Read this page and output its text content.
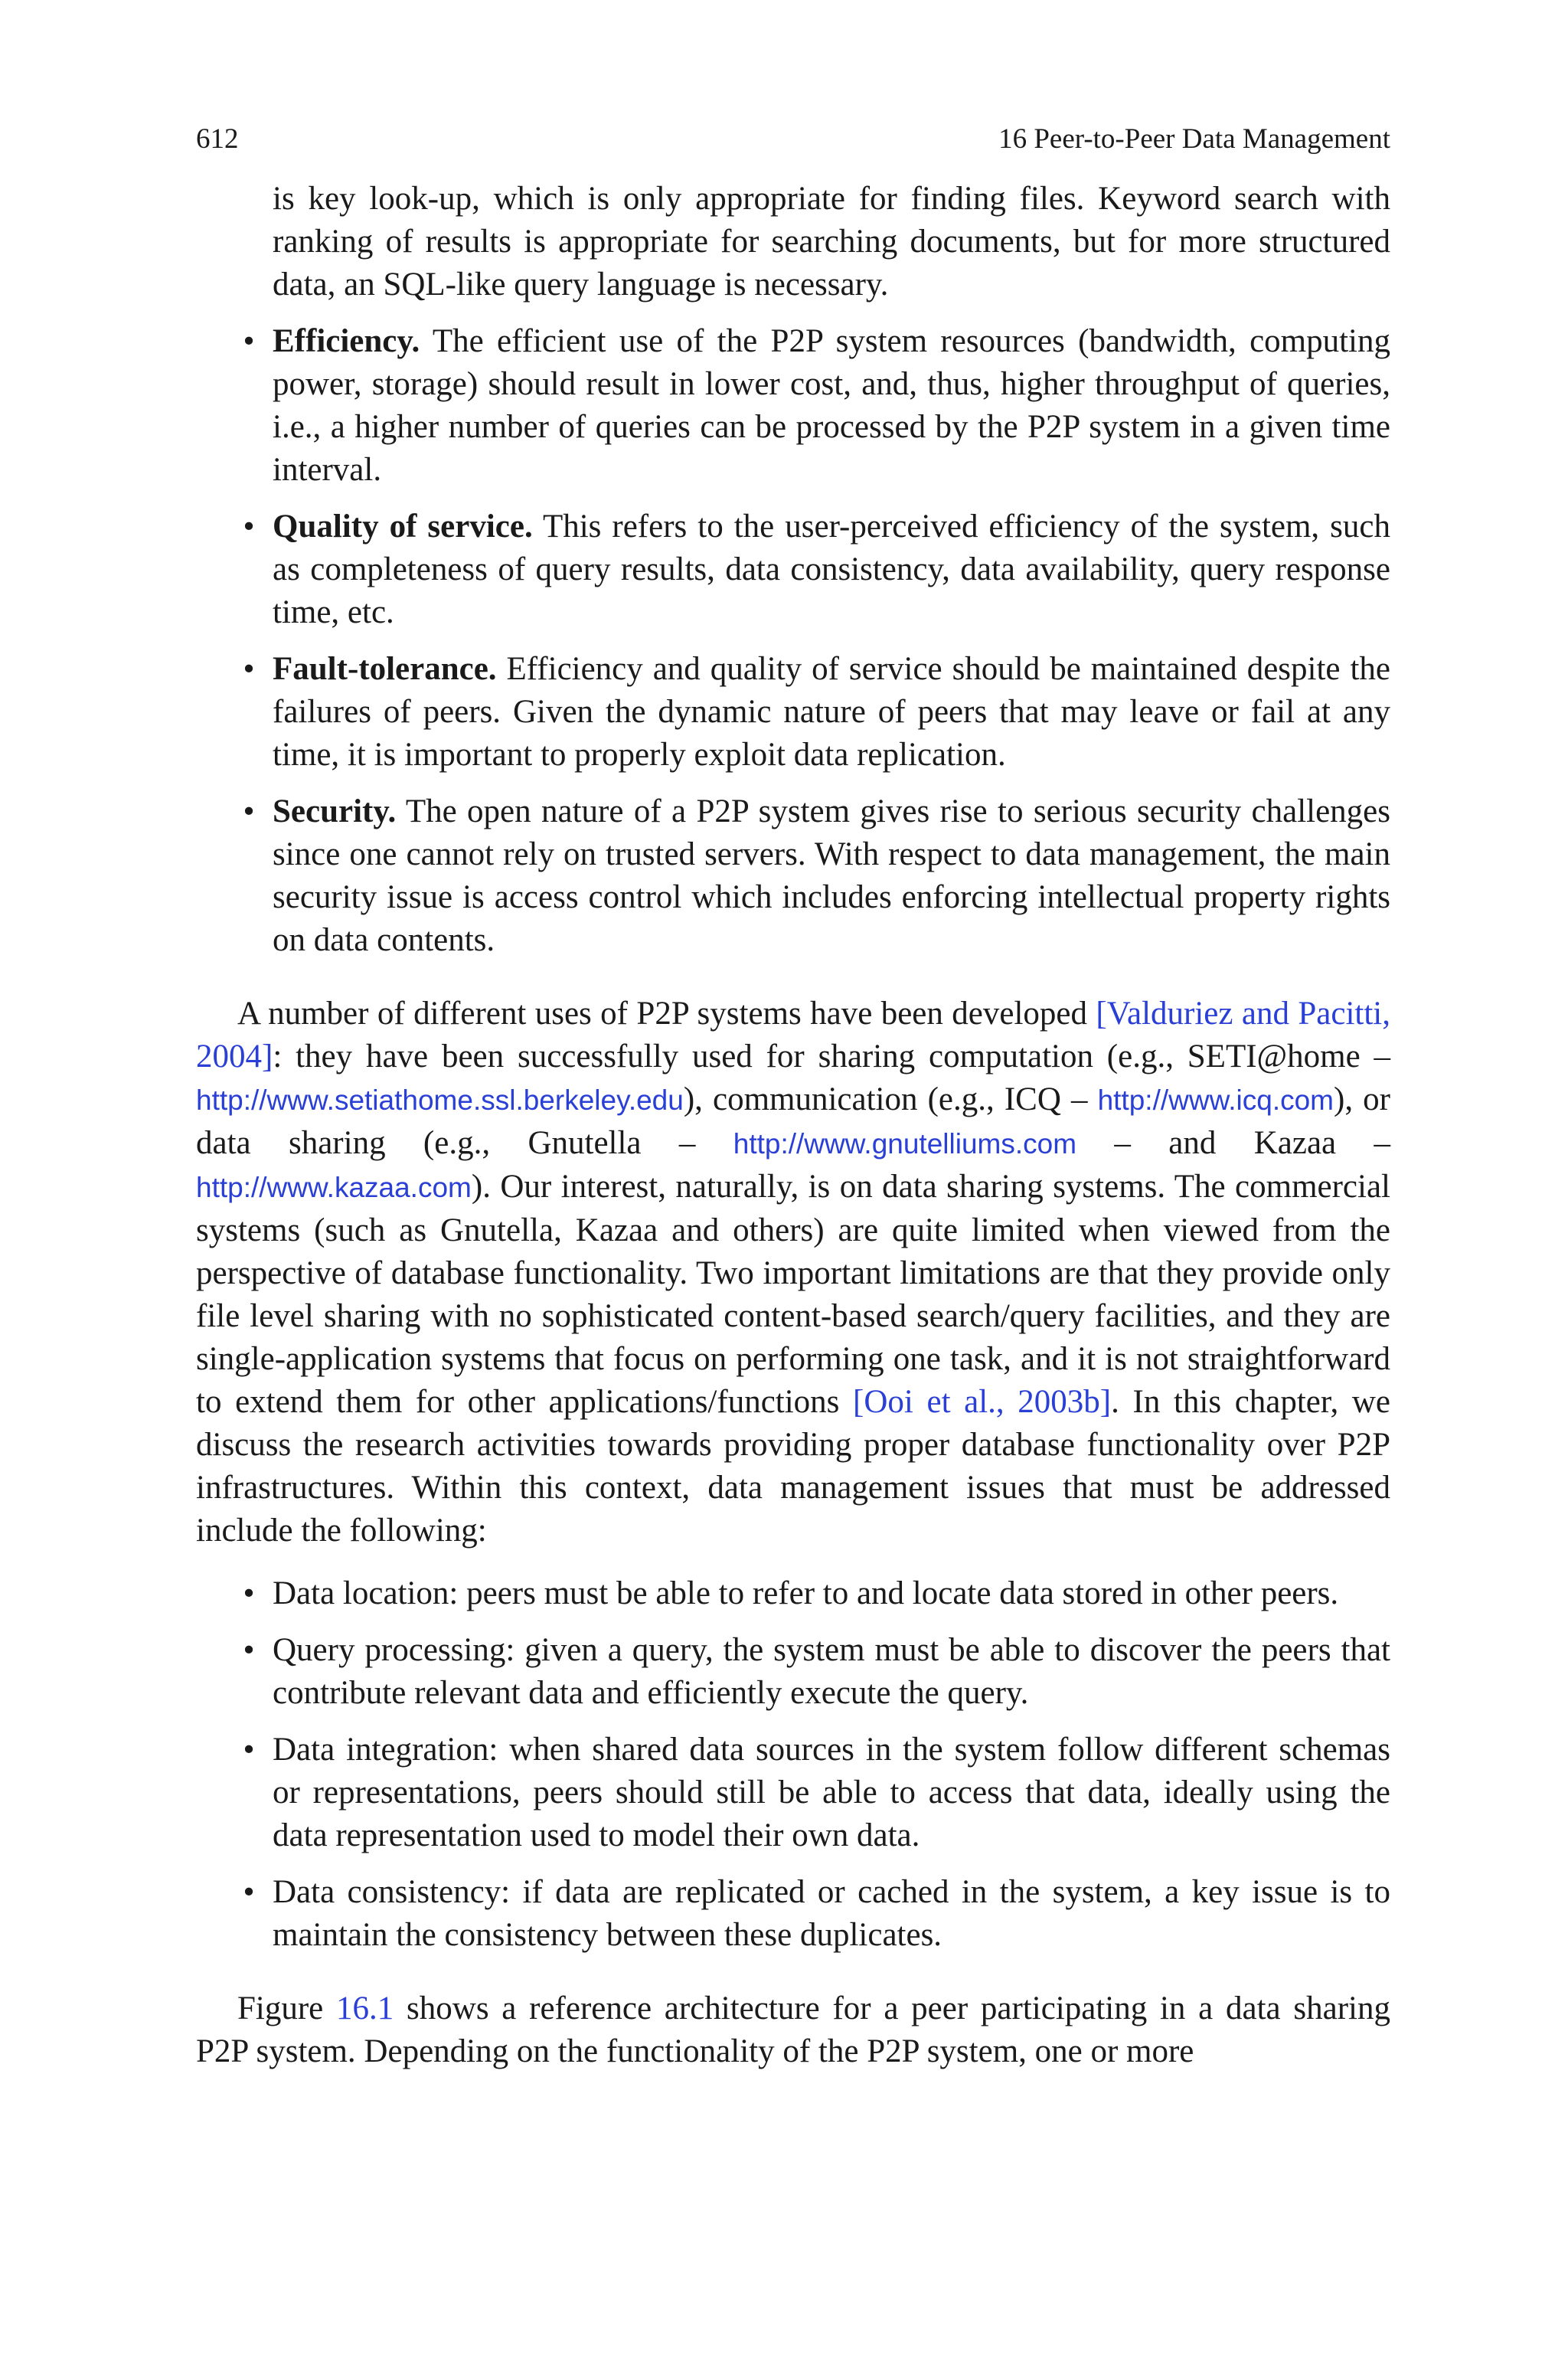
612	16 Peer-to-Peer Data Management

is key look-up, which is only appropriate for finding files. Keyword search with ranking of results is appropriate for searching documents, but for more structured data, an SQL-like query language is necessary.

• Efficiency. The efficient use of the P2P system resources (bandwidth, computing power, storage) should result in lower cost, and, thus, higher throughput of queries, i.e., a higher number of queries can be processed by the P2P system in a given time interval.
• Quality of service. This refers to the user-perceived efficiency of the system, such as completeness of query results, data consistency, data availability, query response time, etc.
• Fault-tolerance. Efficiency and quality of service should be maintained despite the failures of peers. Given the dynamic nature of peers that may leave or fail at any time, it is important to properly exploit data replication.
• Security. The open nature of a P2P system gives rise to serious security challenges since one cannot rely on trusted servers. With respect to data management, the main security issue is access control which includes enforcing intellectual property rights on data contents.

A number of different uses of P2P systems have been developed [Valduriez and Pacitti, 2004]: they have been successfully used for sharing computation (e.g., SETI@home – http://www.setiathome.ssl.berkeley.edu), communication (e.g., ICQ – http://www.icq.com), or data sharing (e.g., Gnutella – http://www.gnutelliums.com – and Kazaa – http://www.kazaa.com). Our interest, naturally, is on data sharing systems. The commercial systems (such as Gnutella, Kazaa and others) are quite limited when viewed from the perspective of database functionality. Two important limitations are that they provide only file level sharing with no sophisticated content-based search/query facilities, and they are single-application systems that focus on performing one task, and it is not straightforward to extend them for other applications/functions [Ooi et al., 2003b]. In this chapter, we discuss the research activities towards providing proper database functionality over P2P infrastructures. Within this context, data management issues that must be addressed include the following:

• Data location: peers must be able to refer to and locate data stored in other peers.
• Query processing: given a query, the system must be able to discover the peers that contribute relevant data and efficiently execute the query.
• Data integration: when shared data sources in the system follow different schemas or representations, peers should still be able to access that data, ideally using the data representation used to model their own data.
• Data consistency: if data are replicated or cached in the system, a key issue is to maintain the consistency between these duplicates.

Figure 16.1 shows a reference architecture for a peer participating in a data sharing P2P system. Depending on the functionality of the P2P system, one or more
